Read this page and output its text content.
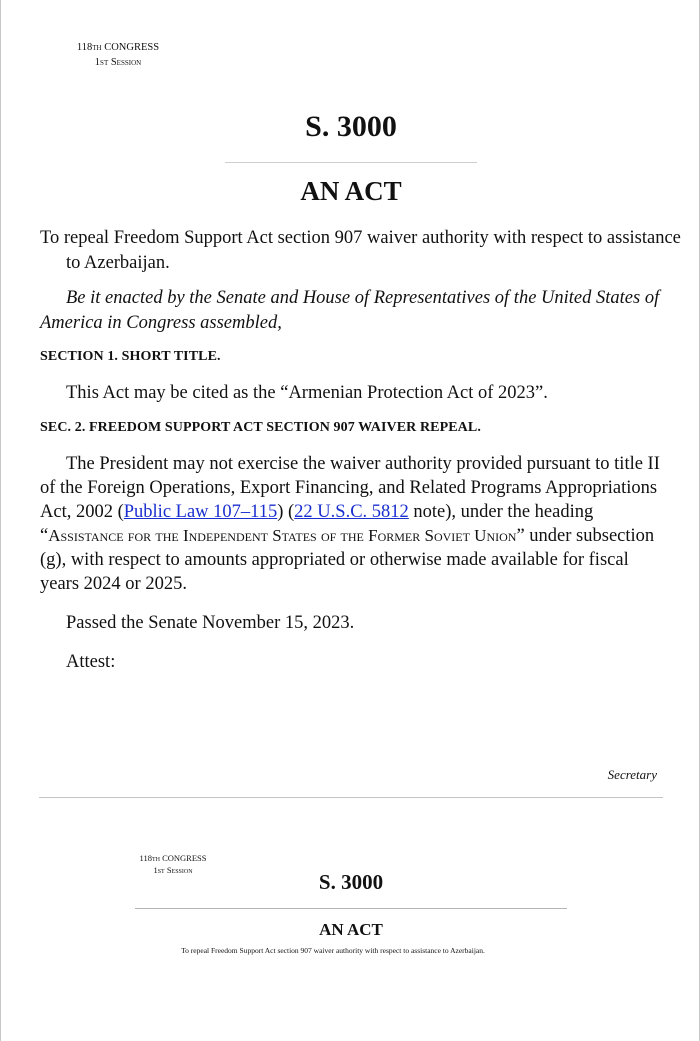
118th CONGRESS
1st Session
S. 3000
AN ACT
To repeal Freedom Support Act section 907 waiver authority with respect to assistance to Azerbaijan.
Be it enacted by the Senate and House of Representatives of the United States of America in Congress assembled,
SECTION 1. SHORT TITLE.
This Act may be cited as the “Armenian Protection Act of 2023”.
SEC. 2. FREEDOM SUPPORT ACT SECTION 907 WAIVER REPEAL.
The President may not exercise the waiver authority provided pursuant to title II of the Foreign Operations, Export Financing, and Related Programs Appropriations Act, 2002 (Public Law 107–115) (22 U.S.C. 5812 note), under the heading “Assistance for the Independent States of the Former Soviet Union” under subsection (g), with respect to amounts appropriated or otherwise made available for fiscal years 2024 or 2025.
Passed the Senate November 15, 2023.
Attest:
Secretary
118th CONGRESS
1st Session	S. 3000
AN ACT
To repeal Freedom Support Act section 907 waiver authority with respect to assistance to Azerbaijan.
